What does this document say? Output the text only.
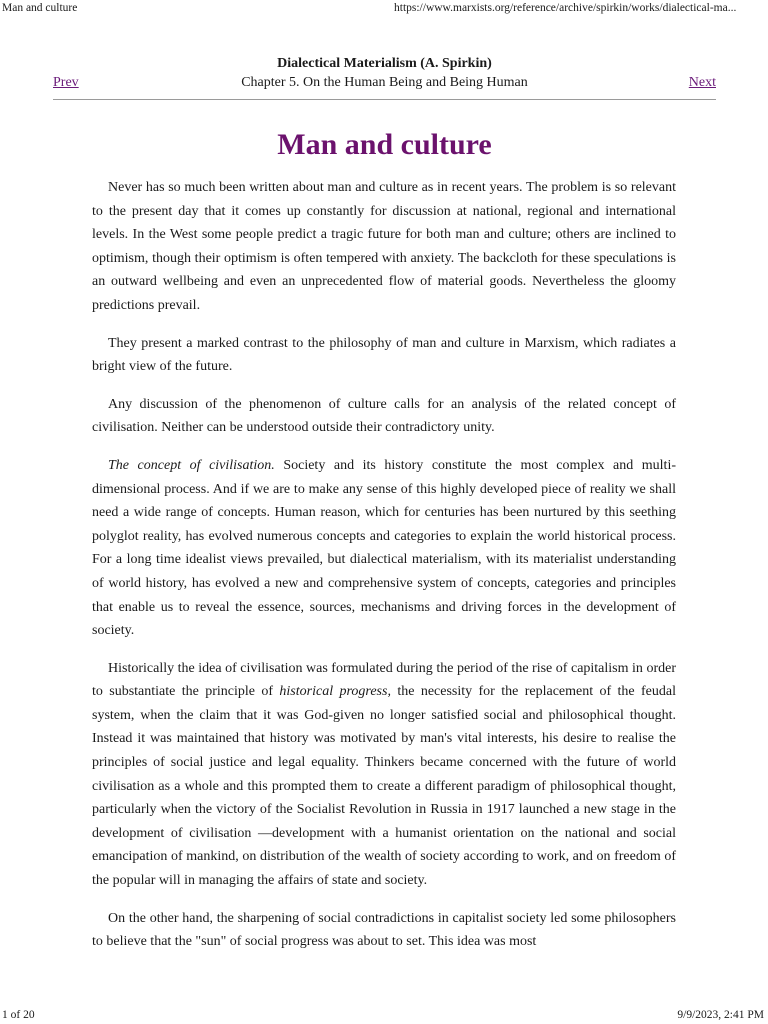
Man and culture	https://www.marxists.org/reference/archive/spirkin/works/dialectical-ma...
Dialectical Materialism (A. Spirkin)
Prev	Chapter 5. On the Human Being and Being Human	Next
Man and culture

Never has so much been written about man and culture as in recent years. The problem is so relevant to the present day that it comes up constantly for discussion at national, regional and international levels. In the West some people predict a tragic future for both man and culture; others are inclined to optimism, though their optimism is often tempered with anxiety. The backcloth for these speculations is an outward wellbeing and even an unprecedented flow of material goods. Nevertheless the gloomy predictions prevail.

They present a marked contrast to the philosophy of man and culture in Marxism, which radiates a bright view of the future.

Any discussion of the phenomenon of culture calls for an analysis of the related concept of civilisation. Neither can be understood outside their contradictory unity.

The concept of civilisation. Society and its history constitute the most complex and multi-dimensional process. And if we are to make any sense of this highly developed piece of reality we shall need a wide range of concepts. Human reason, which for centuries has been nurtured by this seething polyglot reality, has evolved numerous concepts and categories to explain the world historical process. For a long time idealist views prevailed, but dialectical materialism, with its materialist understanding of world history, has evolved a new and comprehensive system of concepts, categories and principles that enable us to reveal the essence, sources, mechanisms and driving forces in the development of society.

Historically the idea of civilisation was formulated during the period of the rise of capitalism in order to substantiate the principle of historical progress, the necessity for the replacement of the feudal system, when the claim that it was God-given no longer satisfied social and philosophical thought. Instead it was maintained that history was motivated by man's vital interests, his desire to realise the principles of social justice and legal equality. Thinkers became concerned with the future of world civilisation as a whole and this prompted them to create a different paradigm of philosophical thought, particularly when the victory of the Socialist Revolution in Russia in 1917 launched a new stage in the development of civilisation —development with a humanist orientation on the national and social emancipation of mankind, on distribution of the wealth of society according to work, and on freedom of the popular will in managing the affairs of state and society.

On the other hand, the sharpening of social contradictions in capitalist society led some philosophers to believe that the "sun" of social progress was about to set. This idea was most

1 of 20	9/9/2023, 2:41 PM
